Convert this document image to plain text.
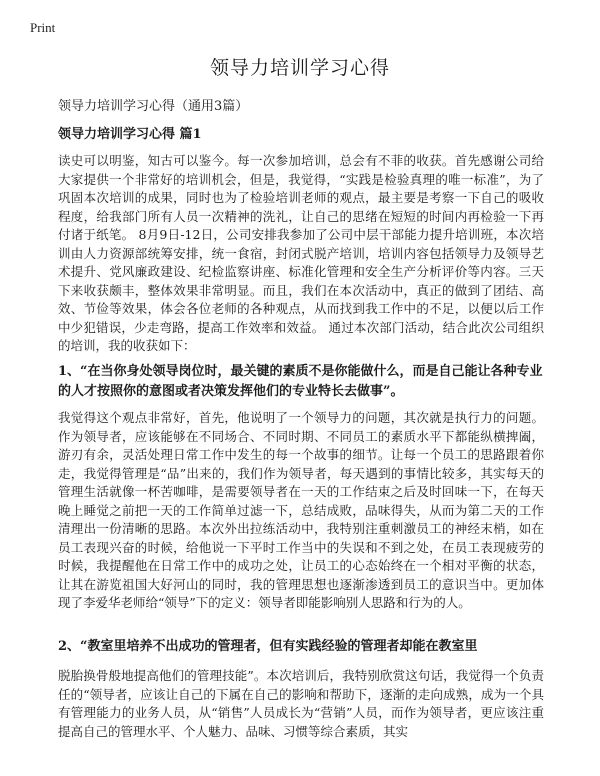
Print
领导力培训学习心得

领导力培训学习心得（通用3篇）

领导力培训学习心得 篇1

读史可以明鉴，知古可以鉴今。每一次参加培训，总会有不菲的收获。首先感谢公司给大家提供一个非常好的培训机会，但是，我觉得，“实践是检验真理的唯一标准”，为了巩固本次培训的成果，同时也为了检验培训老师的观点，最主要是考察一下自己的吸收程度，给我部门所有人员一次精神的洗礼，让自己的思绪在短短的时间内再检验一下再付诸于纸笔。 8月9日-12日，公司安排我参加了公司中层干部能力提升培训班，本次培训由人力资源部统筹安排，统一食宿，封闭式脱产培训，培训内容包括领导力及领导艺术提升、党风廉政建设、纪检监察讲座、标准化管理和安全生产分析评价等内容。三天下来收获颇丰，整体效果非常明显。而且，我们在本次活动中，真正的做到了团结、高效、节俭等效果，体会各位老师的各种观点，从而找到我工作中的不足，以便以后工作中少犯错误，少走弯路，提高工作效率和效益。 通过本次部门活动，结合此次公司组织的培训，我的收获如下：

1、“在当你身处领导岗位时，最关键的素质不是你能做什么，而是自己能让各种专业的人才按照你的意图或者决策发挥他们的专业特长去做事”。

我觉得这个观点非常好，首先，他说明了一个领导力的问题，其次就是执行力的问题。作为领导者，应该能够在不同场合、不同时期、不同员工的素质水平下都能纵横捭阖，游刃有余，灵活处理日常工作中发生的每一个故事的细节。让每一个员工的思路跟着你走，我觉得管理是“品”出来的，我们作为领导者，每天遇到的事情比较多，其实每天的管理生活就像一杯苦咖啡，是需要领导者在一天的工作结束之后及时回味一下，在每天晚上睡觉之前把一天的工作简单过滤一下，总结成败，品味得失，从而为第二天的工作清理出一份清晰的思路。本次外出拉练活动中，我特别注重刺激员工的神经末梢，如在员工表现兴奋的时候，给他说一下平时工作当中的失误和不到之处，在员工表现疲劳的时候，我提醒他在日常工作中的成功之处，让员工的心态始终在一个相对平衡的状态，让其在游览祖国大好河山的同时，我的管理思想也逐渐渗透到员工的意识当中。更加体现了李爱华老师给“领导”下的定义：领导者即能影响别人思路和行为的人。

2、“教室里培养不出成功的管理者，但有实践经验的管理者却能在教室里

脱胎换骨般地提高他们的管理技能”。本次培训后，我特别欣赏这句话，我觉得一个负责任的“领导者，应该让自己的下属在自己的影响和帮助下，逐渐的走向成熟，成为一个具有管理能力的业务人员，从“销售”人员成长为“营销”人员，而作为领导者，更应该注重提高自己的管理水平、个人魅力、品味、习惯等综合素质，其实
